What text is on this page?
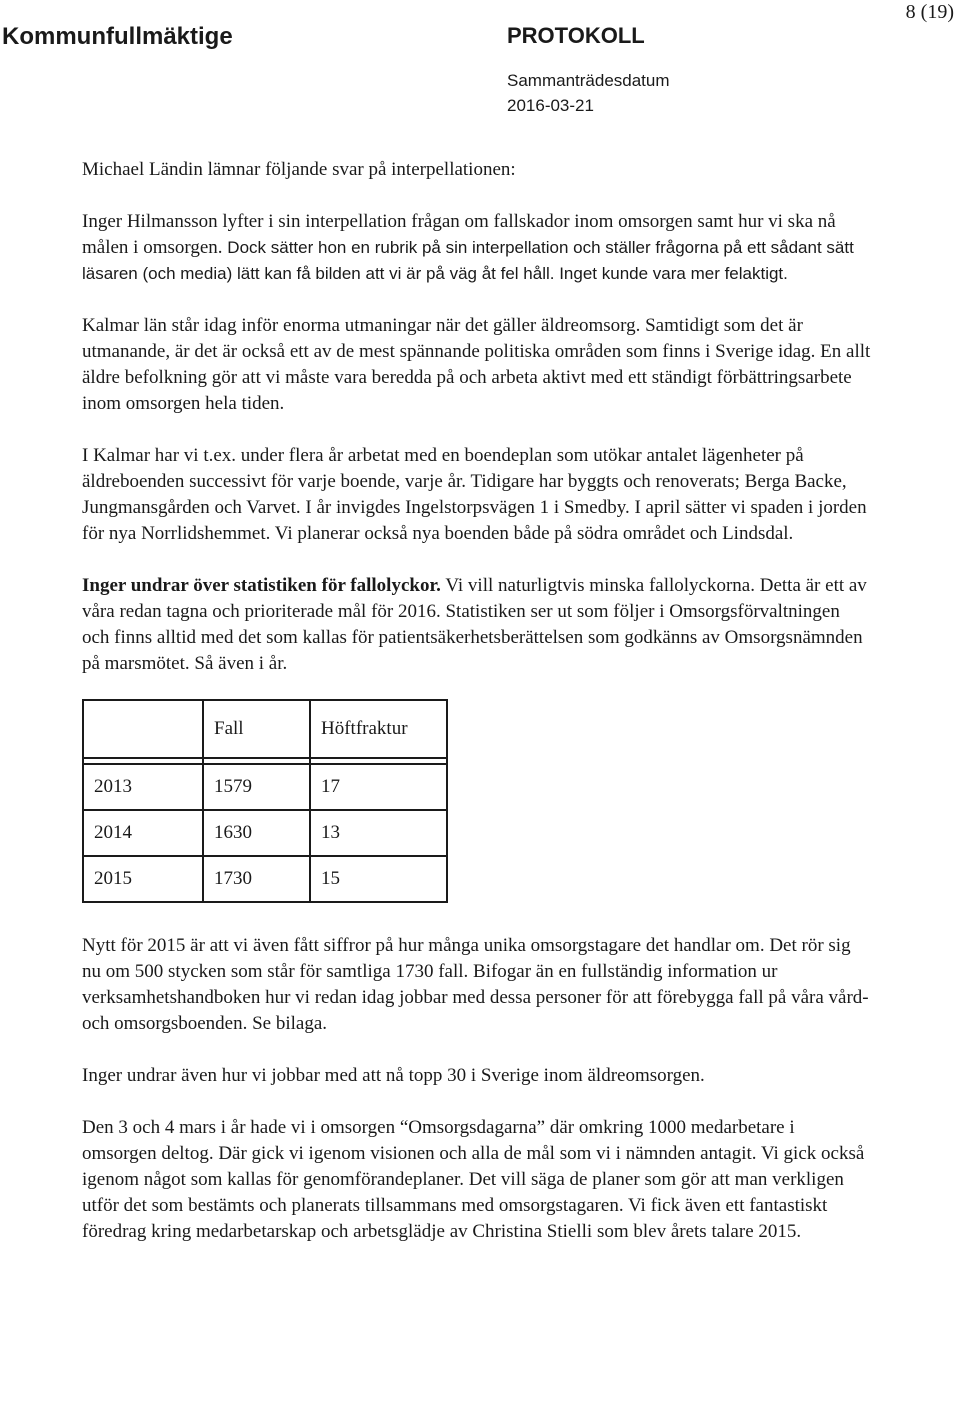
8 (19)
Kommunfullmäktige	PROTOKOLL
Sammanträdesdatum
2016-03-21

Michael Ländin lämnar följande svar på interpellationen:

Inger Hilmansson lyfter i sin interpellation frågan om fallskador inom omsorgen samt hur vi ska nå målen i omsorgen. Dock sätter hon en rubrik på sin interpellation och ställer frågorna på ett sådant sätt läsaren (och media) lätt kan få bilden att vi är på väg åt fel håll. Inget kunde vara mer felaktigt.

Kalmar län står idag inför enorma utmaningar när det gäller äldreomsorg. Samtidigt som det är utmanande, är det är också ett av de mest spännande politiska områden som finns i Sverige idag. En allt äldre befolkning gör att vi måste vara beredda på och arbeta aktivt med ett ständigt förbättringsarbete inom omsorgen hela tiden.

I Kalmar har vi t.ex. under flera år arbetat med en boendeplan som utökar antalet lägenheter på äldreboenden successivt för varje boende, varje år. Tidigare har byggts och renoverats; Berga Backe, Jungmansgården och Varvet. I år invigdes Ingelstorpsvägen 1 i Smedby. I april sätter vi spaden i jorden för nya Norrlidshemmet. Vi planerar också nya boenden både på södra området och Lindsdal.

Inger undrar över statistiken för fallolyckor. Vi vill naturligtvis minska fallolyckorna. Detta är ett av våra redan tagna och prioriterade mål för 2016. Statistiken ser ut som följer i Omsorgsförvaltningen och finns alltid med det som kallas för patientsäkerhetsberättelsen som godkänns av Omsorgsnämnden på marsmötet. Så även i år.

	Fall	Höftfraktur

2013	1579	17
2014	1630	13
2015	1730	15

Nytt för 2015 är att vi även fått siffror på hur många unika omsorgstagare det handlar om. Det rör sig nu om 500 stycken som står för samtliga 1730 fall. Bifogar än en fullständig information ur verksamhetshandboken hur vi redan idag jobbar med dessa personer för att förebygga fall på våra vård- och omsorgsboenden. Se bilaga.

Inger undrar även hur vi jobbar med att nå topp 30 i Sverige inom äldreomsorgen.

Den 3 och 4 mars i år hade vi i omsorgen “Omsorgsdagarna” där omkring 1000 medarbetare i omsorgen deltog. Där gick vi igenom visionen och alla de mål som vi i nämnden antagit. Vi gick också igenom något som kallas för genomförandeplaner. Det vill säga de planer som gör att man verkligen utför det som bestämts och planerats tillsammans med omsorgstagaren. Vi fick även ett fantastiskt föredrag kring medarbetarskap och arbetsglädje av Christina Stielli som blev årets talare 2015.
